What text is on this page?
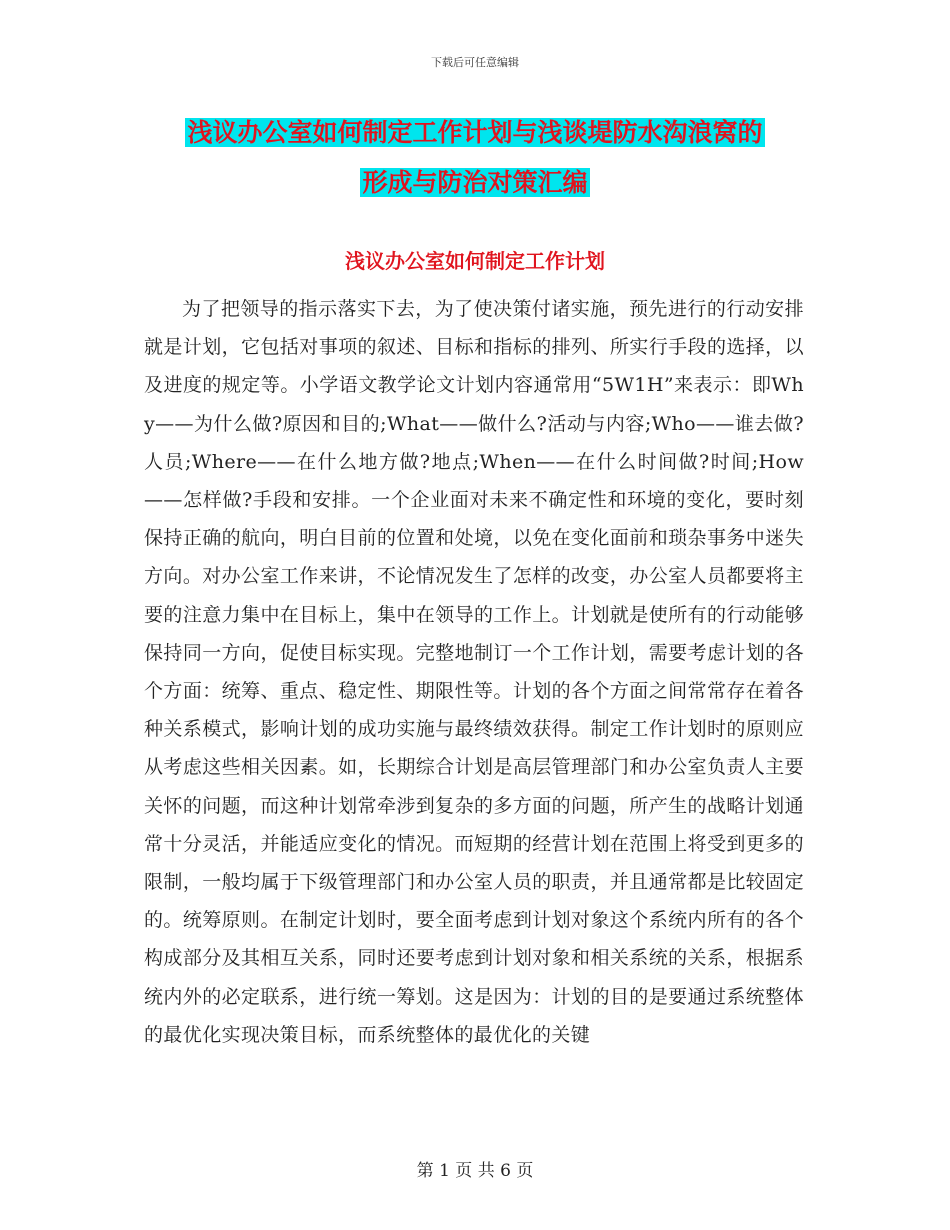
下载后可任意编辑
浅议办公室如何制定工作计划与浅谈堤防水沟浪窝的
形成与防治对策汇编
浅议办公室如何制定工作计划

为了把领导的指示落实下去，为了使决策付诸实施，预先进行的行动安排就是计划，它包括对事项的叙述、目标和指标的排列、所实行手段的选择，以及进度的规定等。小学语文教学论文计划内容通常用“5W1H”来表示：即Why——为什么做?原因和目的;What——做什么?活动与内容;Who——谁去做?人员;Where——在什么地方做?地点;When——在什么时间做?时间;How——怎样做?手段和安排。一个企业面对未来不确定性和环境的变化，要时刻保持正确的航向，明白目前的位置和处境，以免在变化面前和琐杂事务中迷失方向。对办公室工作来讲，不论情况发生了怎样的改变，办公室人员都要将主要的注意力集中在目标上，集中在领导的工作上。计划就是使所有的行动能够保持同一方向，促使目标实现。完整地制订一个工作计划，需要考虑计划的各个方面：统筹、重点、稳定性、期限性等。计划的各个方面之间常常存在着各种关系模式，影响计划的成功实施与最终绩效获得。制定工作计划时的原则应从考虑这些相关因素。如，长期综合计划是高层管理部门和办公室负责人主要关怀的问题，而这种计划常牵涉到复杂的多方面的问题，所产生的战略计划通常十分灵活，并能适应变化的情况。而短期的经营计划在范围上将受到更多的限制，一般均属于下级管理部门和办公室人员的职责，并且通常都是比较固定的。统筹原则。在制定计划时，要全面考虑到计划对象这个系统内所有的各个构成部分及其相互关系，同时还要考虑到计划对象和相关系统的关系，根据系统内外的必定联系，进行统一筹划。这是因为：计划的目的是要通过系统整体的最优化实现决策目标，而系统整体的最优化的关键

第 1 页 共 6 页
